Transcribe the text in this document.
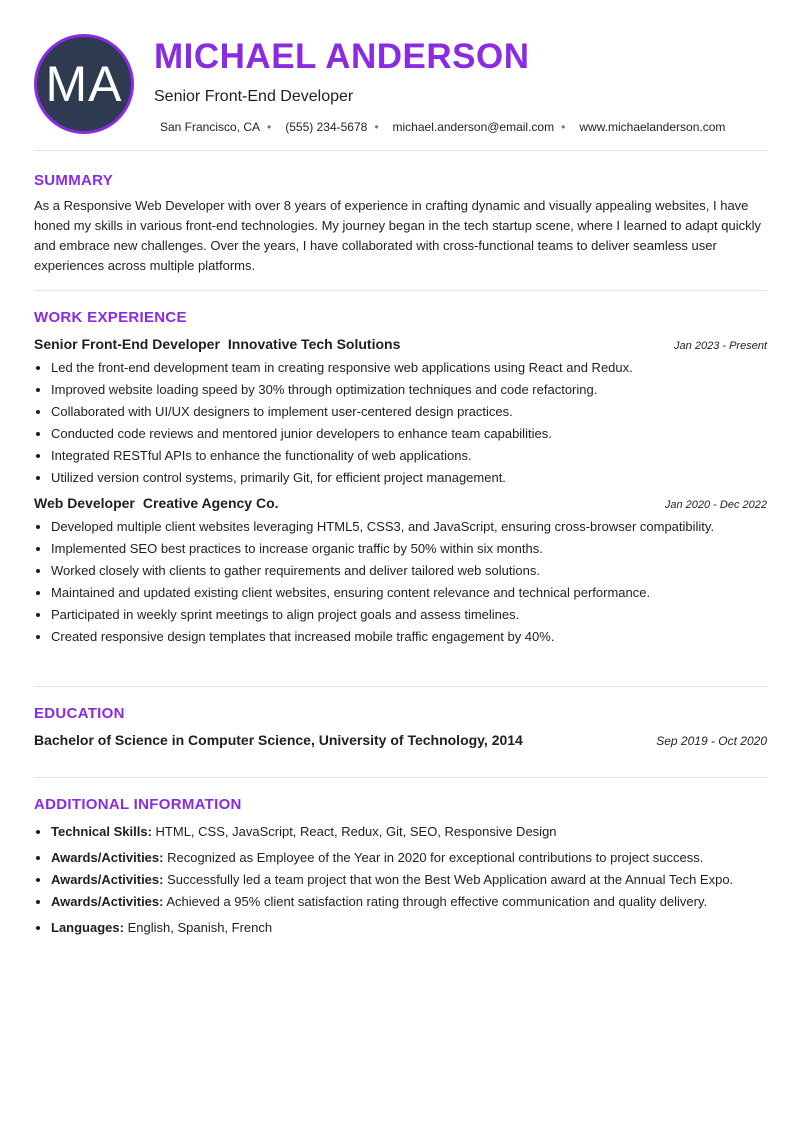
MA MICHAEL ANDERSON
Senior Front-End Developer
San Francisco, CA • (555) 234-5678 • michael.anderson@email.com • www.michaelanderson.com
SUMMARY

As a Responsive Web Developer with over 8 years of experience in crafting dynamic and visually appealing websites, I have honed my skills in various front-end technologies. My journey began in the tech startup scene, where I learned to adapt quickly and embrace new challenges. Over the years, I have collaborated with cross-functional teams to deliver seamless user experiences across multiple platforms.

WORK EXPERIENCE
Senior Front-End Developer Innovative Tech Solutions	Jan 2023 - Present
• Led the front-end development team in creating responsive web applications using React and Redux.
• Improved website loading speed by 30% through optimization techniques and code refactoring.
• Collaborated with UI/UX designers to implement user-centered design practices.
• Conducted code reviews and mentored junior developers to enhance team capabilities.
• Integrated RESTful APIs to enhance the functionality of web applications.
• Utilized version control systems, primarily Git, for efficient project management.
Web Developer Creative Agency Co.	Jan 2020 - Dec 2022
• Developed multiple client websites leveraging HTML5, CSS3, and JavaScript, ensuring cross-browser compatibility.
• Implemented SEO best practices to increase organic traffic by 50% within six months.
• Worked closely with clients to gather requirements and deliver tailored web solutions.
• Maintained and updated existing client websites, ensuring content relevance and technical performance.
• Participated in weekly sprint meetings to align project goals and assess timelines.
• Created responsive design templates that increased mobile traffic engagement by 40%.
EDUCATION
Bachelor of Science in Computer Science, University of Technology, 2014	Sep 2019 - Oct 2020
ADDITIONAL INFORMATION
• Technical Skills: HTML, CSS, JavaScript, React, Redux, Git, SEO, Responsive Design
• Awards/Activities: Recognized as Employee of the Year in 2020 for exceptional contributions to project success.
• Awards/Activities: Successfully led a team project that won the Best Web Application award at the Annual Tech Expo.
• Awards/Activities: Achieved a 95% client satisfaction rating through effective communication and quality delivery.
• Languages: English, Spanish, French
